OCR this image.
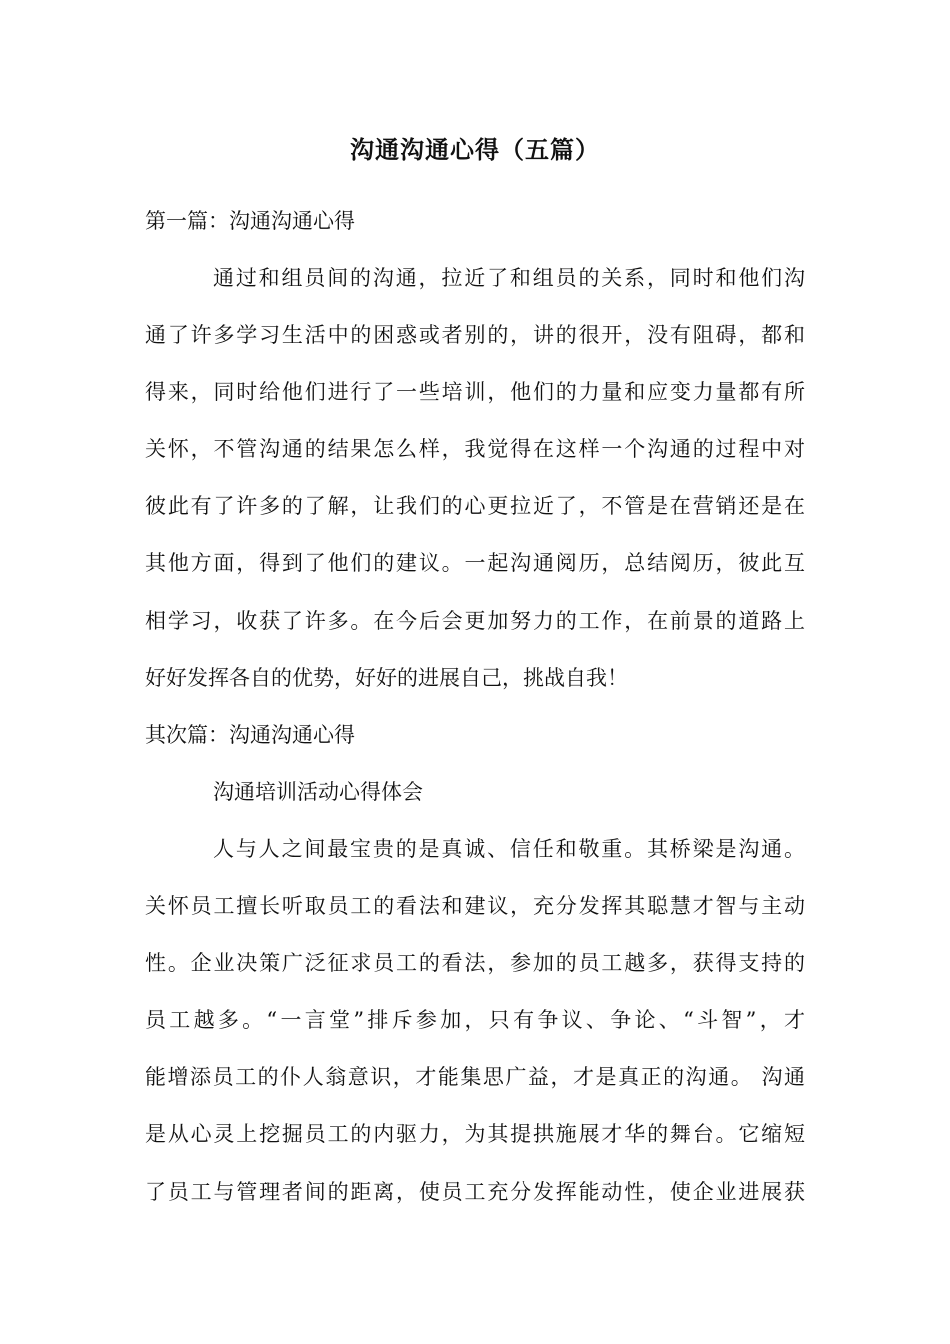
沟通沟通心得（五篇）
第一篇：沟通沟通心得
通过和组员间的沟通，拉近了和组员的关系，同时和他们沟
通了许多学习生活中的困惑或者别的，讲的很开，没有阻碍，都和
得来，同时给他们进行了一些培训，他们的力量和应变力量都有所
关怀，不管沟通的结果怎么样，我觉得在这样一个沟通的过程中对
彼此有了许多的了解，让我们的心更拉近了，不管是在营销还是在
其他方面，得到了他们的建议。一起沟通阅历，总结阅历，彼此互
相学习，收获了许多。在今后会更加努力的工作，在前景的道路上
好好发挥各自的优势，好好的进展自己，挑战自我！
其次篇：沟通沟通心得
沟通培训活动心得体会
人与人之间最宝贵的是真诚、信任和敬重。其桥梁是沟通。
关怀员工擅长听取员工的看法和建议，充分发挥其聪慧才智与主动
性。企业决策广泛征求员工的看法，参加的员工越多，获得支持的
员工越多。“一言堂”排斥参加，只有争议、争论、“斗智”，才
能增添员工的仆人翁意识，才能集思广益，才是真正的沟通。 沟通
是从心灵上挖掘员工的内驱力，为其提拱施展才华的舞台。它缩短
了员工与管理者间的距离，使员工充分发挥能动性，使企业进展获
